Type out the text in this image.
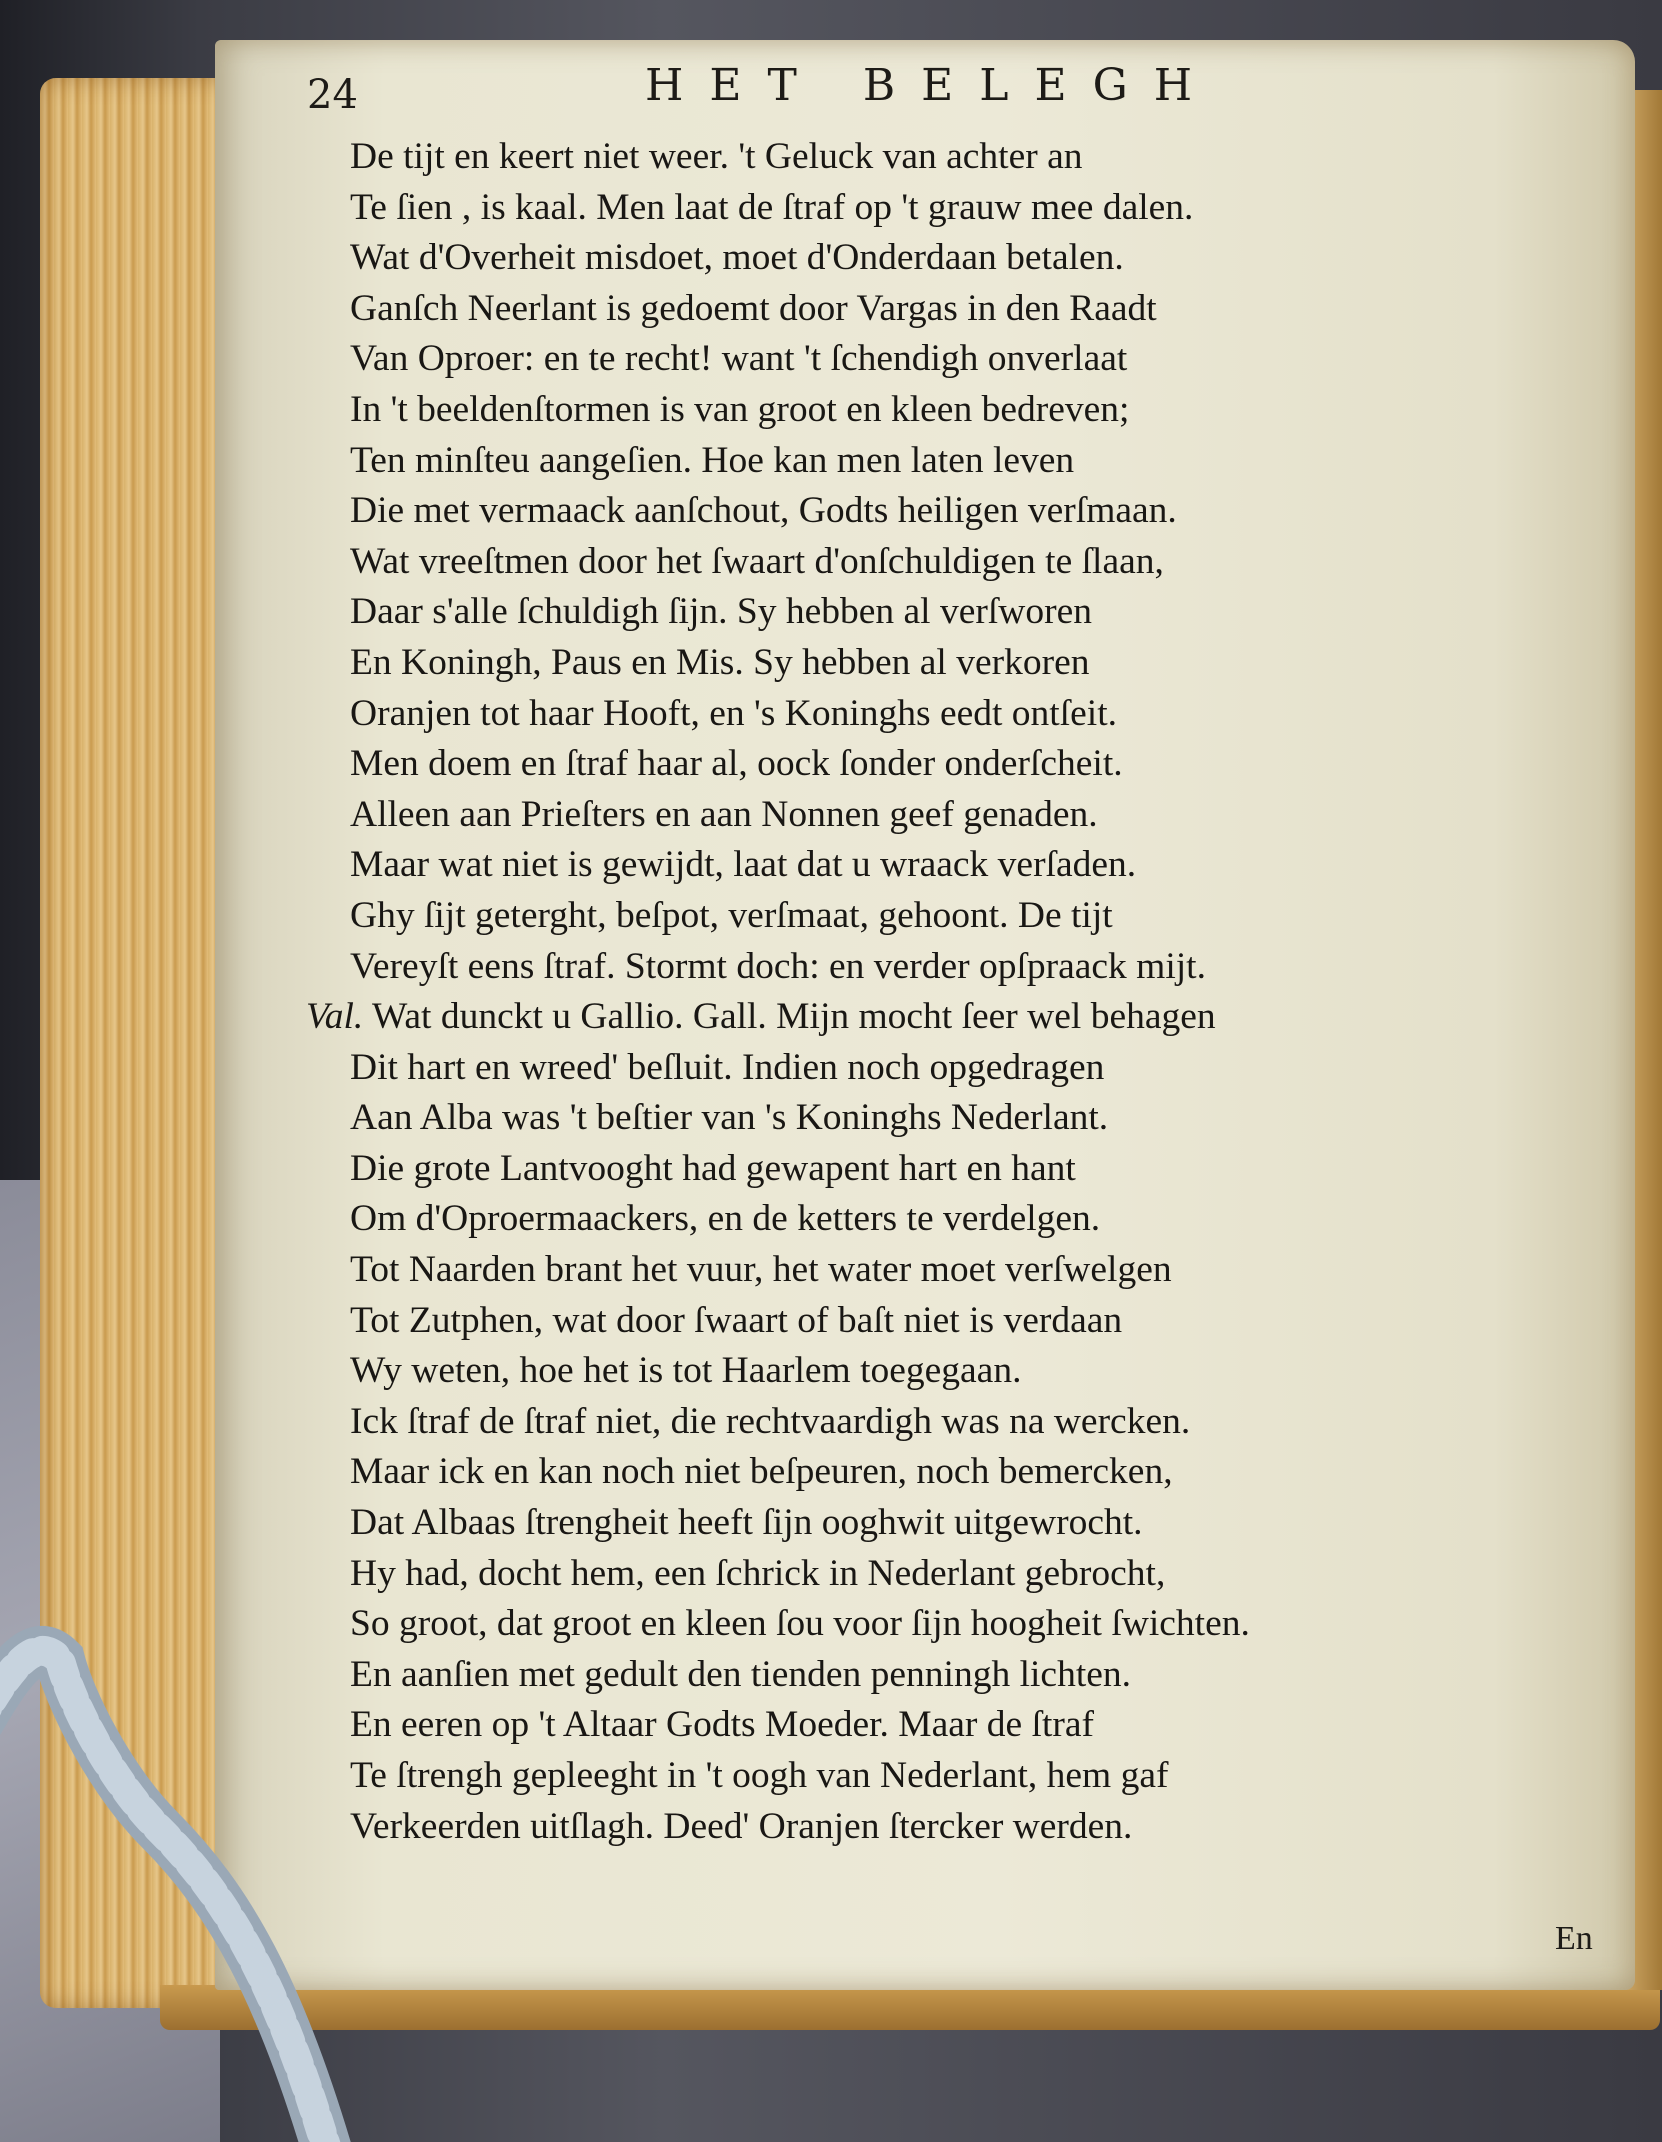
24	HET BELEGH
De tijt en keert niet weer. 't Geluck van achter an
Te ſien , is kaal. Men laat de ſtraf op 't grauw mee dalen.
Wat d'Overheit misdoet, moet d'Onderdaan betalen.
Ganſch Neerlant is gedoemt door Vargas in den Raadt
Van Oproer: en te recht! want 't ſchendigh onverlaat
In 't beeldenſtormen is van groot en kleen bedreven;
Ten minſteu aangeſien. Hoe kan men laten leven
Die met vermaack aanſchout, Godts heiligen verſmaan.
Wat vreeſtmen door het ſwaart d'onſchuldigen te ſlaan,
Daar s'alle ſchuldigh ſijn. Sy hebben al verſworen
En Koningh, Paus en Mis. Sy hebben al verkoren
Oranjen tot haar Hooft, en 's Koninghs eedt ontſeit.
Men doem en ſtraf haar al, oock ſonder onderſcheit.
Alleen aan Prieſters en aan Nonnen geef genaden.
Maar wat niet is gewijdt, laat dat u wraack verſaden.
Ghy ſijt geterght, beſpot, verſmaat, gehoont. De tijt
Vereyſt eens ſtraf. Stormt doch: en verder opſpraack mijt.
Val. Wat dunckt u Gallio. Gall. Mijn mocht ſeer wel behagen
Dit hart en wreed' beſluit. Indien noch opgedragen
Aan Alba was 't beſtier van 's Koninghs Nederlant.
Die grote Lantvooght had gewapent hart en hant
Om d'Oproermaackers, en de ketters te verdelgen.
Tot Naarden brant het vuur, het water moet verſwelgen
Tot Zutphen, wat door ſwaart of baſt niet is verdaan
Wy weten, hoe het is tot Haarlem toegegaan.
Ick ſtraf de ſtraf niet, die rechtvaardigh was na wercken.
Maar ick en kan noch niet beſpeuren, noch bemercken,
Dat Albaas ſtrengheit heeft ſijn ooghwit uitgewrocht.
Hy had, docht hem, een ſchrick in Nederlant gebrocht,
So groot, dat groot en kleen ſou voor ſijn hoogheit ſwichten.
En aanſien met gedult den tienden penningh lichten.
En eeren op 't Altaar Godts Moeder. Maar de ſtraf
Te ſtrengh gepleeght in 't oogh van Nederlant, hem gaf
Verkeerden uitſlagh. Deed' Oranjen ſtercker werden.
En
